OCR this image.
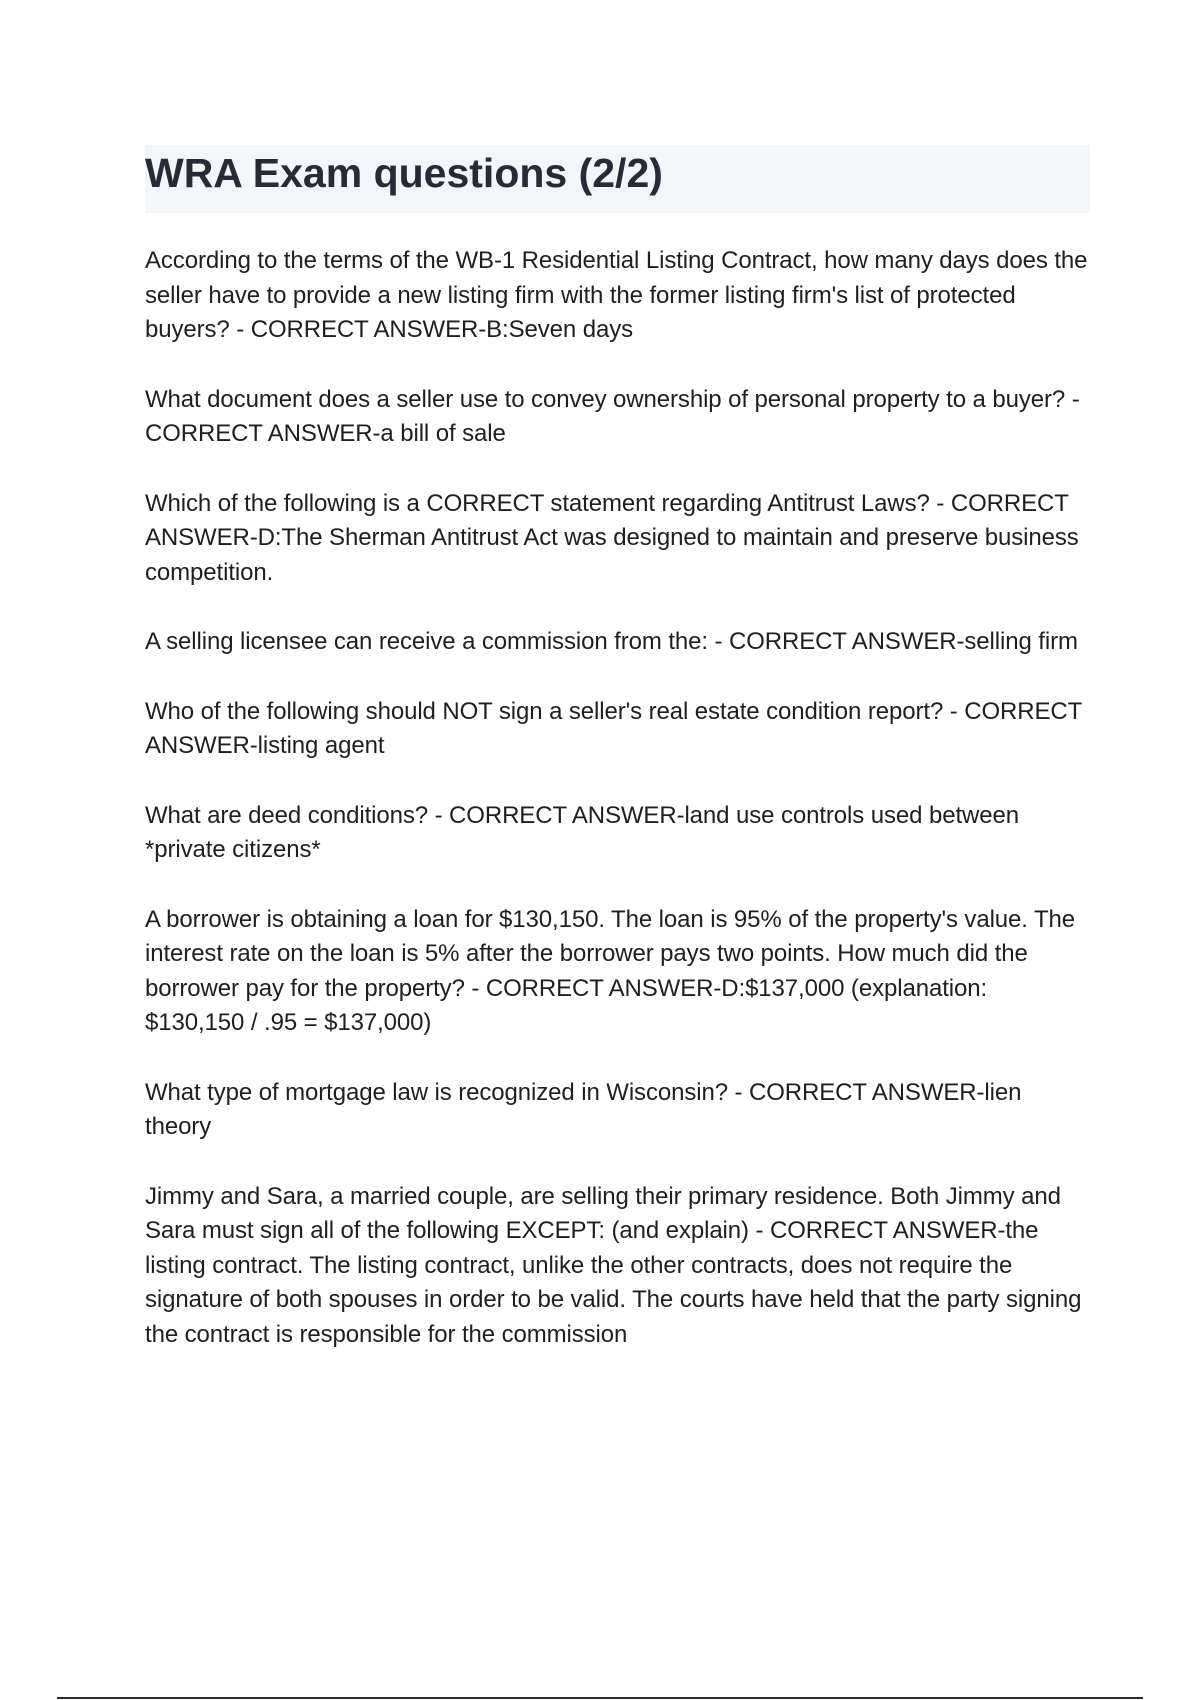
WRA Exam questions (2/2)
According to the terms of the WB-1 Residential Listing Contract, how many days does the seller have to provide a new listing firm with the former listing firm's list of protected buyers? - CORRECT ANSWER-B:Seven days
What document does a seller use to convey ownership of personal property to a buyer? - CORRECT ANSWER-a bill of sale
Which of the following is a CORRECT statement regarding Antitrust Laws? - CORRECT ANSWER-D:The Sherman Antitrust Act was designed to maintain and preserve business competition.
A selling licensee can receive a commission from the: - CORRECT ANSWER-selling firm
Who of the following should NOT sign a seller's real estate condition report? - CORRECT ANSWER-listing agent
What are deed conditions? - CORRECT ANSWER-land use controls used between *private citizens*
A borrower is obtaining a loan for $130,150. The loan is 95% of the property's value. The interest rate on the loan is 5% after the borrower pays two points. How much did the borrower pay for the property? - CORRECT ANSWER-D:$137,000 (explanation: $130,150 / .95 = $137,000)
What type of mortgage law is recognized in Wisconsin? - CORRECT ANSWER-lien theory
Jimmy and Sara, a married couple, are selling their primary residence. Both Jimmy and Sara must sign all of the following EXCEPT: (and explain) - CORRECT ANSWER-the listing contract. The listing contract, unlike the other contracts, does not require the signature of both spouses in order to be valid. The courts have held that the party signing the contract is responsible for the commission
